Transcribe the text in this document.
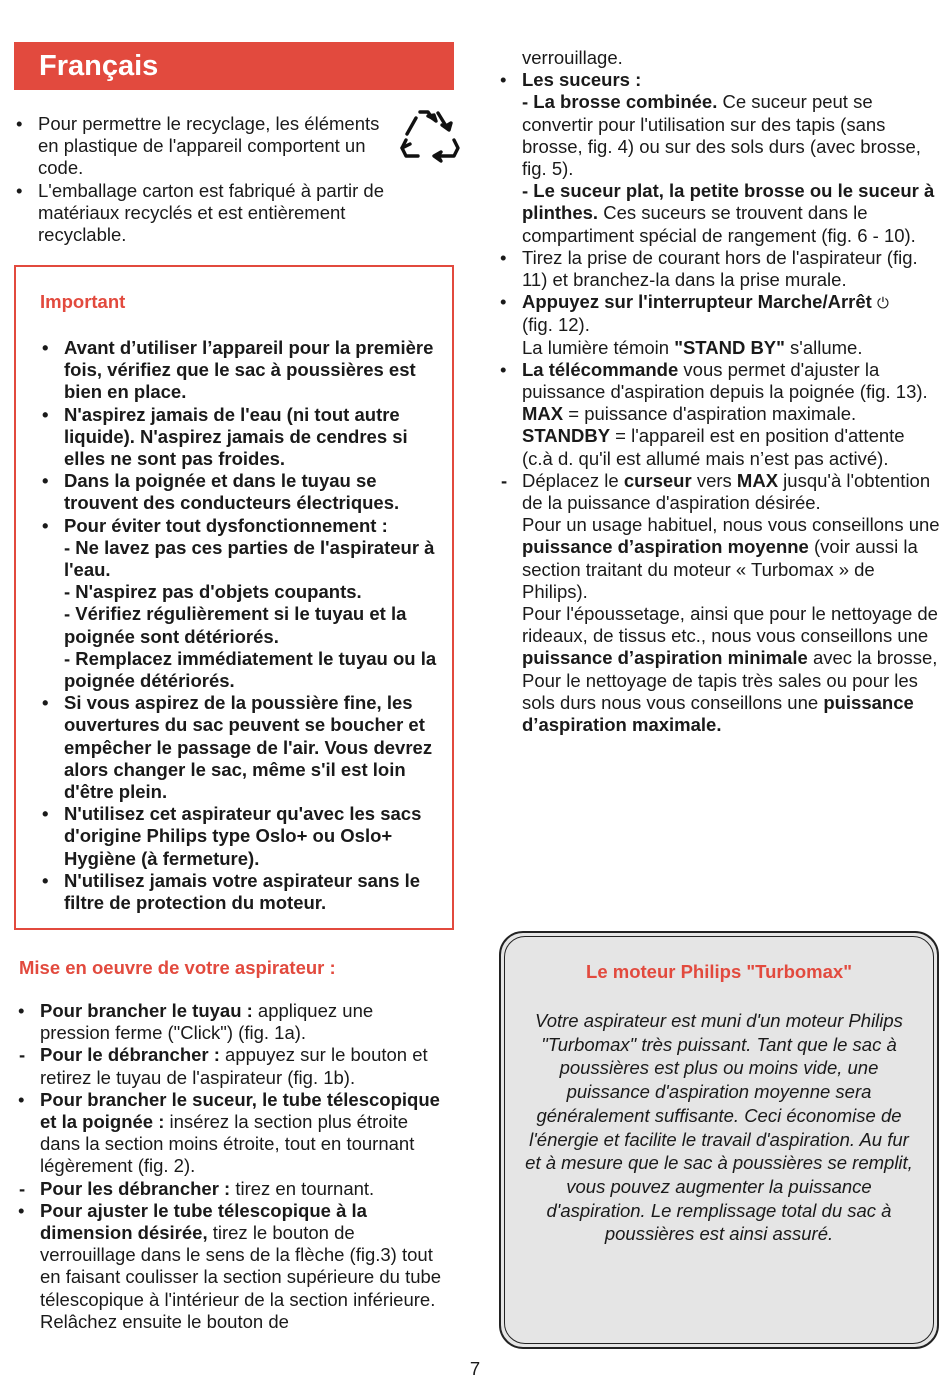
Français
• Pour permettre le recyclage, les éléments en plastique de l'appareil comportent un code.
• L'emballage carton est fabriqué à partir de matériaux recyclés et est entièrement recyclable.
Important
• Avant d’utiliser l’appareil pour la première fois, vérifiez que le sac à poussières est bien en place.
• N'aspirez jamais de l'eau (ni tout autre liquide). N'aspirez jamais de cendres si elles ne sont pas froides.
• Dans la poignée et dans le tuyau se trouvent des conducteurs électriques.
• Pour éviter tout dysfonctionnement :
- Ne lavez pas ces parties de l'aspirateur à l'eau.
- N'aspirez pas d'objets coupants.
- Vérifiez régulièrement si le tuyau et la poignée sont détériorés.
- Remplacez immédiatement le tuyau ou la poignée détériorés.
• Si vous aspirez de la poussière fine, les ouvertures du sac peuvent se boucher et empêcher le passage de l'air. Vous devrez alors changer le sac, même s'il est loin d'être plein.
• N'utilisez cet aspirateur qu'avec les sacs d'origine Philips type Oslo+ ou Oslo+ Hygiène (à fermeture).
• N'utilisez jamais votre aspirateur sans le filtre de protection du moteur.
Mise en oeuvre de votre aspirateur :
• Pour brancher le tuyau : appliquez une pression ferme ("Click") (fig. 1a).
- Pour le débrancher : appuyez sur le bouton et retirez le tuyau de l'aspirateur (fig. 1b).
• Pour brancher le suceur, le tube télescopique et la poignée : insérez la section plus étroite dans la section moins étroite, tout en tournant légèrement (fig. 2).
- Pour les débrancher : tirez en tournant.
• Pour ajuster le tube télescopique à la dimension désirée, tirez le bouton de verrouillage dans le sens de la flèche (fig.3) tout en faisant coulisser la section supérieure du tube télescopique à l'intérieur de la section inférieure. Relâchez ensuite le bouton de
verrouillage.
• Les suceurs :
- La brosse combinée. Ce suceur peut se convertir pour l'utilisation sur des tapis (sans brosse, fig. 4) ou sur des sols durs (avec brosse, fig. 5).
- Le suceur plat, la petite brosse ou le suceur à plinthes. Ces suceurs se trouvent dans le compartiment spécial de rangement (fig. 6 - 10).
• Tirez la prise de courant hors de l'aspirateur (fig. 11) et branchez-la dans la prise murale.
• Appuyez sur l'interrupteur Marche/Arrêt ⏻
(fig. 12).
La lumière témoin "STAND BY" s'allume.
• La télécommande vous permet d'ajuster la puissance d'aspiration depuis la poignée (fig. 13).
MAX = puissance d'aspiration maximale.
STANDBY = l'appareil est en position d'attente (c.à d. qu'il est allumé mais n’est pas activé).
- Déplacez le curseur vers MAX jusqu'à l'obtention de la puissance d'aspiration désirée.
Pour un usage habituel, nous vous conseillons une puissance d’aspiration moyenne (voir aussi la section traitant du moteur « Turbomax » de Philips).
Pour l'époussetage, ainsi que pour le nettoyage de rideaux, de tissus etc., nous vous conseillons une puissance d’aspiration minimale avec la brosse,
Pour le nettoyage de tapis très sales ou pour les sols durs nous vous conseillons une puissance d’aspiration maximale.
Le moteur Philips "Turbomax"
Votre aspirateur est muni d'un moteur Philips "Turbomax" très puissant. Tant que le sac à poussières est plus ou moins vide, une puissance d'aspiration moyenne sera généralement suffisante. Ceci économise de l'énergie et facilite le travail d'aspiration. Au fur et à mesure que le sac à poussières se remplit, vous pouvez augmenter la puissance d'aspiration. Le remplissage total du sac à poussières est ainsi assuré.
7
